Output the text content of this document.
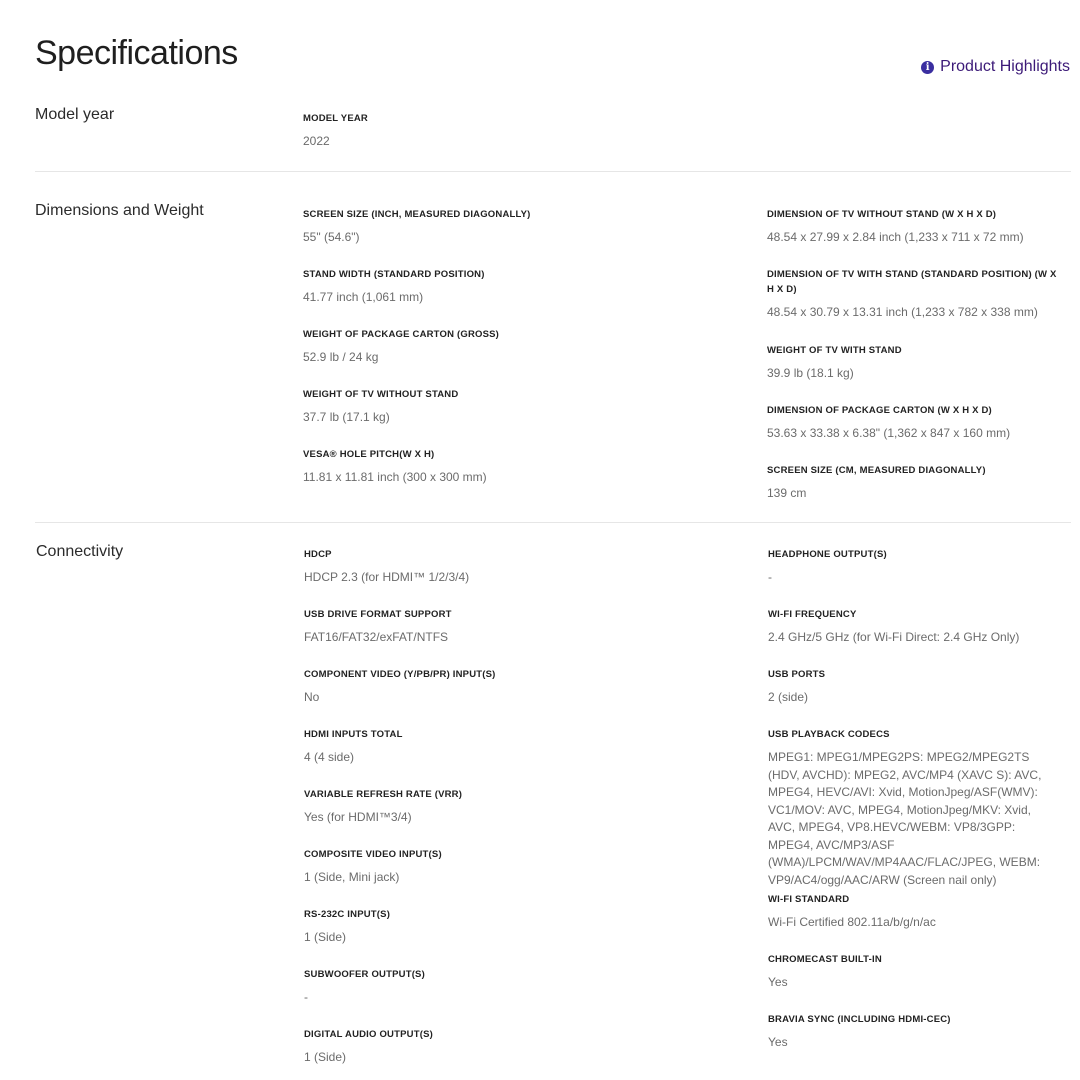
Specifications	i Product Highlights
Model year	MODEL YEAR
2022
Dimensions and Weight	SCREEN SIZE (INCH, MEASURED DIAGONALLY)
55" (54.6")
STAND WIDTH (STANDARD POSITION)
41.77 inch (1,061 mm)
WEIGHT OF PACKAGE CARTON (GROSS)
52.9 lb / 24 kg
WEIGHT OF TV WITHOUT STAND
37.7 lb (17.1 kg)
VESA® HOLE PITCH(W X H)
11.81 x 11.81 inch (300 x 300 mm)
DIMENSION OF TV WITHOUT STAND (W X H X D)
48.54 x 27.99 x 2.84 inch (1,233 x 711 x 72 mm)
DIMENSION OF TV WITH STAND (STANDARD POSITION) (W X H X D)
48.54 x 30.79 x 13.31 inch (1,233 x 782 x 338 mm)
WEIGHT OF TV WITH STAND
39.9 lb (18.1 kg)
DIMENSION OF PACKAGE CARTON (W X H X D)
53.63 x 33.38 x 6.38" (1,362 x 847 x 160 mm)
SCREEN SIZE (CM, MEASURED DIAGONALLY)
139 cm
Connectivity	HDCP
HDCP 2.3 (for HDMI™ 1/2/3/4)
USB DRIVE FORMAT SUPPORT
FAT16/FAT32/exFAT/NTFS
COMPONENT VIDEO (Y/PB/PR) INPUT(S)
No
HDMI INPUTS TOTAL
4 (4 side)
VARIABLE REFRESH RATE (VRR)
Yes (for HDMI™3/4)
COMPOSITE VIDEO INPUT(S)
1 (Side, Mini jack)
RS-232C INPUT(S)
1 (Side)
SUBWOOFER OUTPUT(S)
-
DIGITAL AUDIO OUTPUT(S)
1 (Side)
HEADPHONE OUTPUT(S)
-
WI-FI FREQUENCY
2.4 GHz/5 GHz (for Wi-Fi Direct: 2.4 GHz Only)
USB PORTS
2 (side)
USB PLAYBACK CODECS
MPEG1: MPEG1/MPEG2PS: MPEG2/MPEG2TS (HDV, AVCHD): MPEG2, AVC/MP4 (XAVC S): AVC, MPEG4, HEVC/AVI: Xvid, MotionJpeg/ASF(WMV): VC1/MOV: AVC, MPEG4, MotionJpeg/MKV: Xvid, AVC, MPEG4, VP8.HEVC/WEBM: VP8/3GPP: MPEG4, AVC/MP3/ASF (WMA)/LPCM/WAV/MP4AAC/FLAC/JPEG, WEBM: VP9/AC4/ogg/AAC/ARW (Screen nail only)
WI-FI STANDARD
Wi-Fi Certified 802.11a/b/g/n/ac
CHROMECAST BUILT-IN
Yes
BRAVIA SYNC (INCLUDING HDMI-CEC)
Yes
